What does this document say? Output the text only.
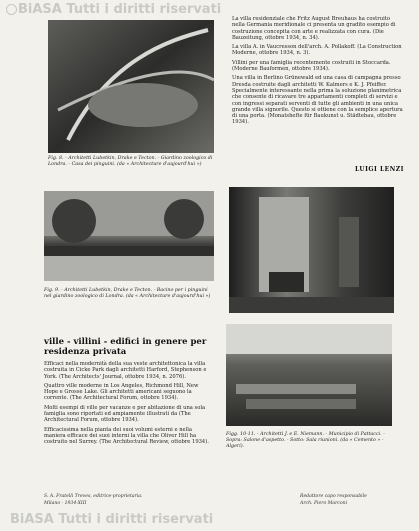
BiASA Tutti i diritti riservati
Fig. 8. - Architetti Lubetkin, Drake e Tecton. - Giardino zoologico di Londra. - Casa dei pinguini. (da « Architecture d'aujourd'hui »)
Fig. 9. - Architetti Lubetkin, Drake e Tecton. - Bacino per i pinguini nel giardino zoologico di Londra. (da « Architecture d'aujourd'hui »)
Figg. 10-11. - Architetti J. e E. Niemann. - Municipio di Pattacci. - Sopra: Salone d'aspetto. - Sotto: Sala riunioni. (da « Cemento » - Algeri).

La villa residenziale che Fritz August Breuhaus ha costruito nella Germania meridionale ci presenta un gradito esempio di costruzione concepita con arte e realizzata con cura. (Die Bauzeitung, ottobre 1934, n. 34).

La villa A. in Vaucresson dell'arch. A. Pollakoff. (La Construction Moderne, ottobre 1934, n. 3).

Villini per una famiglia recentemente costruiti in Stoccarda. (Moderne Bauformen, ottobre 1934).

Una villa in Berlino Grünewald ed una casa di campagna presso Dresda costruite dagli architetti W. Kalmers e K. J. Pfeiffer. Specialmente interessante nella prima la soluzione planimetrica che consente di ricavare tre appartamenti completi di servizi e con ingressi separati serventi di tutte gli ambienti in una unica grande villa signorile. Questo si ottiene con la semplice apertura di una porta. (Monatshefte für Baukunst u. Städtebau, ottobre 1934).

LUIGI LENZI
ville - villini - edifici in genere per residenza privata

Efficaci nella modernità della sua veste architettonica la villa costruita in Cicke Park dagli architetti Harford, Stephenson e York. (The Architects' Journal, ottobre 1934, n. 2076).

Quattro ville moderne in Los Angeles, Richmond Hill, New Hope e Grosse Lake. Gli architetti americani seguono la corrente. (The Architectural Forum, ottobre 1934).

Molti esempi di ville per vacanze e per abitazione di una sola famiglia sono riportati ed ampiamente illustrati da (The Architectural Forum, ottobre 1934).

Efficacissima nella pianta dei suoi volumi esterni e nella maniera efficace dei suoi interni la villa che Oliver Hill ha costruito nel Surrey. (The Architectural Review, ottobre 1934).

S. A. Fratelli Treves, editrice-proprietaria.
Milano - 1934-XIII
Redattore capo responsabile
Arch. Piero Marconi
BiASA Tutti i diritti riservati
